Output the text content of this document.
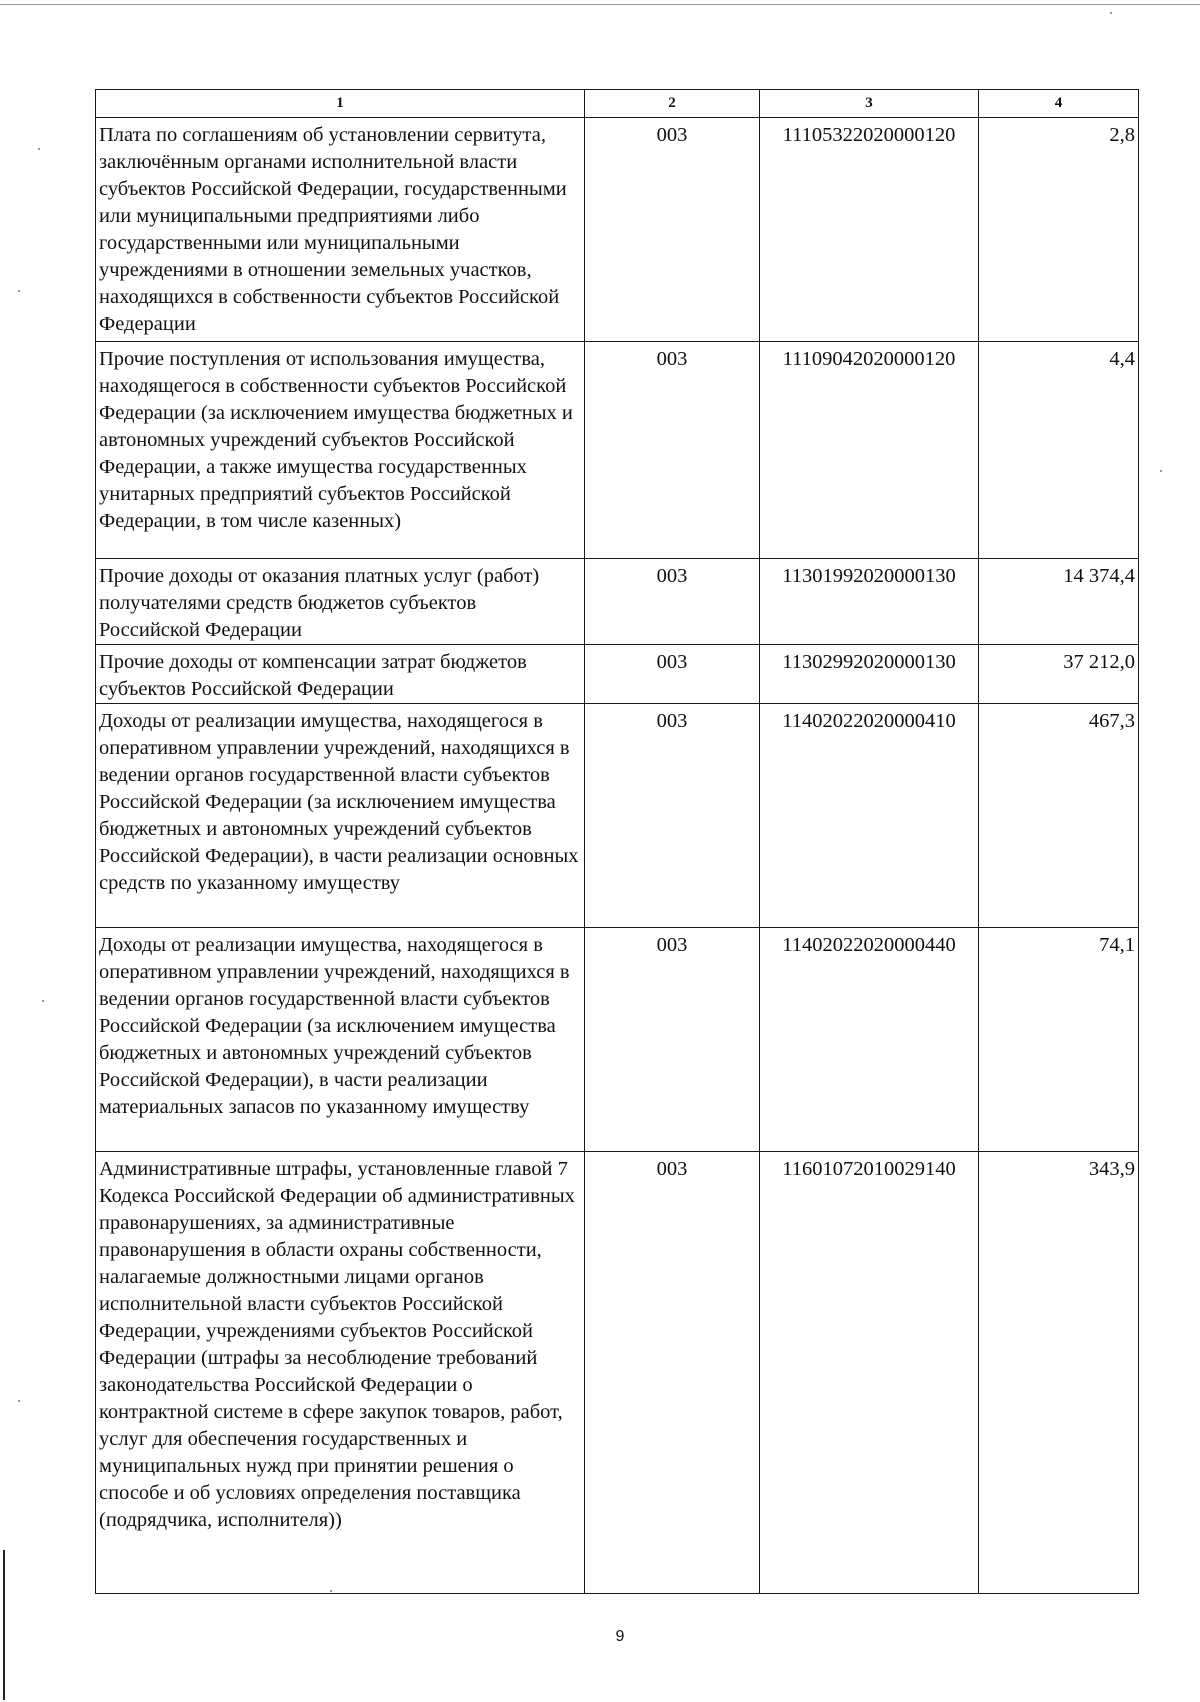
1	2	3	4
Плата по соглашениям об установлении сервитута, заключённым органами исполнительной власти субъектов Российской Федерации, государственными или муниципальными предприятиями либо государственными или муниципальными учреждениями в отношении земельных участков, находящихся в собственности субъектов Российской Федерации	003	11105322020000120	2,8
Прочие поступления от использования имущества, находящегося в собственности субъектов Российской Федерации (за исключением имущества бюджетных и автономных учреждений субъектов Российской Федерации, а также имущества государственных унитарных предприятий субъектов Российской Федерации, в том числе казенных)	003	11109042020000120	4,4
Прочие доходы от оказания платных услуг (работ) получателями средств бюджетов субъектов Российской Федерации	003	11301992020000130	14 374,4
Прочие доходы от компенсации затрат бюджетов субъектов Российской Федерации	003	11302992020000130	37 212,0
Доходы от реализации имущества, находящегося в оперативном управлении учреждений, находящихся в ведении органов государственной власти субъектов Российской Федерации (за исключением имущества бюджетных и автономных учреждений субъектов Российской Федерации), в части реализации основных средств по указанному имуществу	003	11402022020000410	467,3
Доходы от реализации имущества, находящегося в оперативном управлении учреждений, находящихся в ведении органов государственной власти субъектов Российской Федерации (за исключением имущества бюджетных и автономных учреждений субъектов Российской Федерации), в части реализации материальных запасов по указанному имуществу	003	11402022020000440	74,1
Административные штрафы, установленные главой 7 Кодекса Российской Федерации об административных правонарушениях, за административные правонарушения в области охраны собственности, налагаемые должностными лицами органов исполнительной власти субъектов Российской Федерации, учреждениями субъектов Российской Федерации (штрафы за несоблюдение требований законодательства Российской Федерации о контрактной системе в сфере закупок товаров, работ, услуг для обеспечения государственных и муниципальных нужд при принятии решения о способе и об условиях определения поставщика (подрядчика, исполнителя))	003	11601072010029140	343,9
9
